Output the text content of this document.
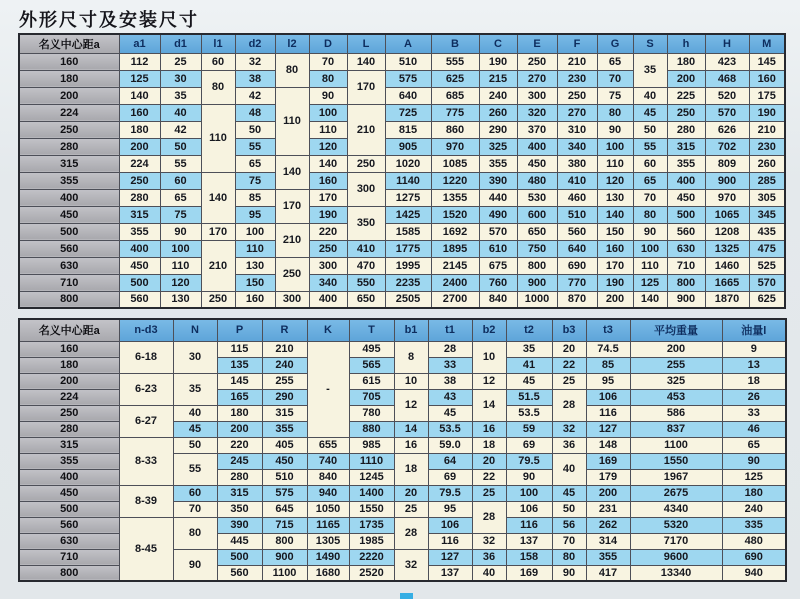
外形尺寸及安装尺寸
名义中心距a	a1	d1	l1	d2	l2	D	L	A	B	C	E	F	G	S	h	H	M
160	112	25	60	32	80	70	140	510	555	190	250	210	65	35	180	423	145
180	125	30	80	38		80	170	575	625	215	270	230	70		200	468	160
200	140	35		42	110	90		640	685	240	300	250	75	40	225	520	175
224	160	40	110	48		100	210	725	775	260	320	270	80	45	250	570	190
250	180	42		50		110		815	860	290	370	310	90	50	280	626	210
280	200	50		55		120		905	970	325	400	340	100	55	315	702	230
315	224	55		65	140	140	250	1020	1085	355	450	380	110	60	355	809	260
355	250	60	140	75		160	300	1140	1220	390	480	410	120	65	400	900	285
400	280	65		85	170	170		1275	1355	440	530	460	130	70	450	970	305
450	315	75		95		190	350	1425	1520	490	600	510	140	80	500	1065	345
500	355	90	170	100	210	220		1585	1692	570	650	560	150	90	560	1208	435
560	400	100	210	110		250	410	1775	1895	610	750	640	160	100	630	1325	475
630	450	110		130	250	300	470	1995	2145	675	800	690	170	110	710	1460	525
710	500	120		150		340	550	2235	2400	760	900	770	190	125	800	1665	570
800	560	130	250	160	300	400	650	2505	2700	840	1000	870	200	140	900	1870	625
名义中心距a	n-d3	N	P	R	K	T	b1	t1	b2	t2	b3	t3	平均重量	油量l
160	6-18	30	115	210	-	495	8	28	10	35	20	74.5	200	9
180			135	240		565		33		41	22	85	255	13
200	6-23	35	145	255		615	10	38	12	45	25	95	325	18
224			165	290		705	12	43	14	51.5	28	106	453	26
250	6-27	40	180	315		780		45		53.5		116	586	33
280		45	200	355		880	14	53.5	16	59	32	127	837	46
315	8-33	50	220	405	655	985	16	59.0	18	69	36	148	1100	65
355		55	245	450	740	1110	18	64	20	79.5	40	169	1550	90
400			280	510	840	1245		69	22	90		179	1967	125
450	8-39	60	315	575	940	1400	20	79.5	25	100	45	200	2675	180
500		70	350	645	1050	1550	25	95	28	106	50	231	4340	240
560	8-45	80	390	715	1165	1735	28	106		116	56	262	5320	335
630			445	800	1305	1985		116	32	137	70	314	7170	480
710		90	500	900	1490	2220	32	127	36	158	80	355	9600	690
800			560	1100	1680	2520		137	40	169	90	417	13340	940
